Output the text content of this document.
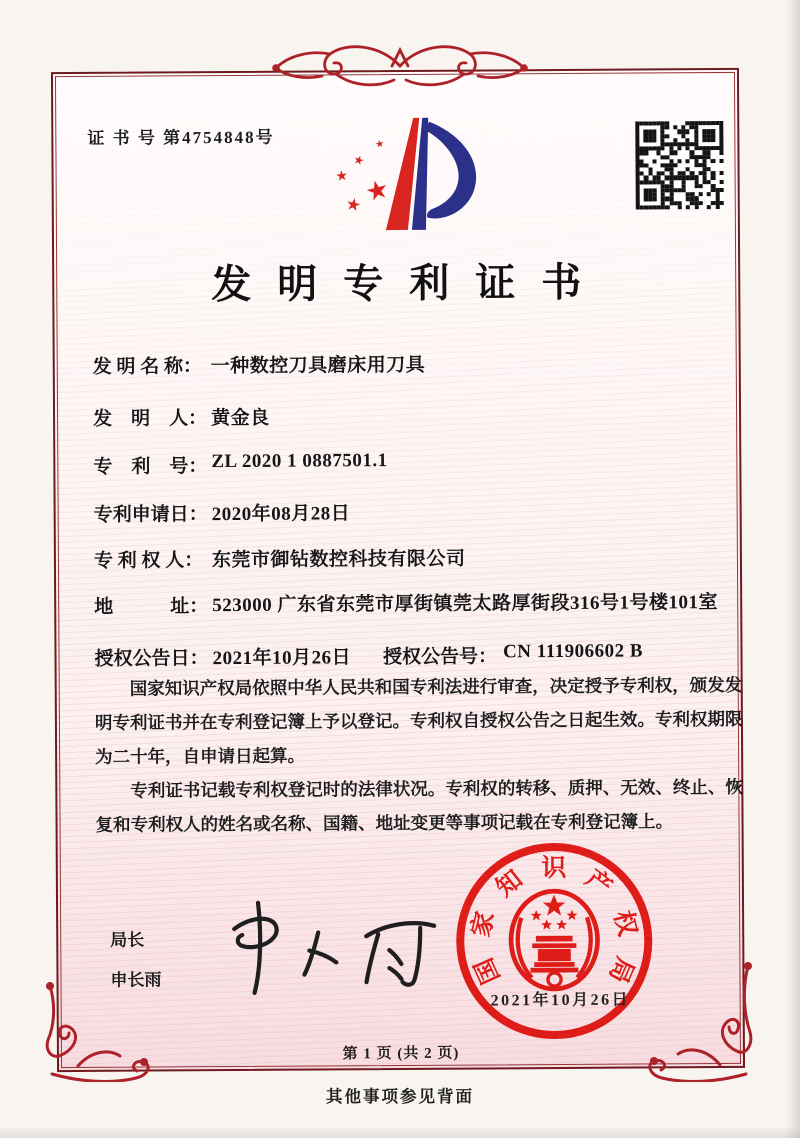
证 书 号 第4754848号
★
★
★
★
★
发明专利证书
发 明 名 称： 一种数控刀具磨床用刀具
发　明　人： 黄金良
专　利　号： ZL 2020 1 0887501.1
专利申请日： 2020年08月28日
专 利 权 人： 东莞市御钻数控科技有限公司
地　　　址： 523000 广东省东莞市厚街镇莞太路厚街段316号1号楼101室
授权公告日： 2021年10月26日 授权公告号： CN 111906602 B

国家知识产权局依照中华人民共和国专利法进行审查，决定授予专利权，颁发发明专利证书并在专利登记簿上予以登记。专利权自授权公告之日起生效。专利权期限为二十年，自申请日起算。

专利证书记载专利权登记时的法律状况。专利权的转移、质押、无效、终止、恢复和专利权人的姓名或名称、国籍、地址变更等事项记载在专利登记簿上。

局长
申长雨	国
家
知 识 产
权
局
2021年10月26日
第 1 页 (共 2 页)
其他事项参见背面
